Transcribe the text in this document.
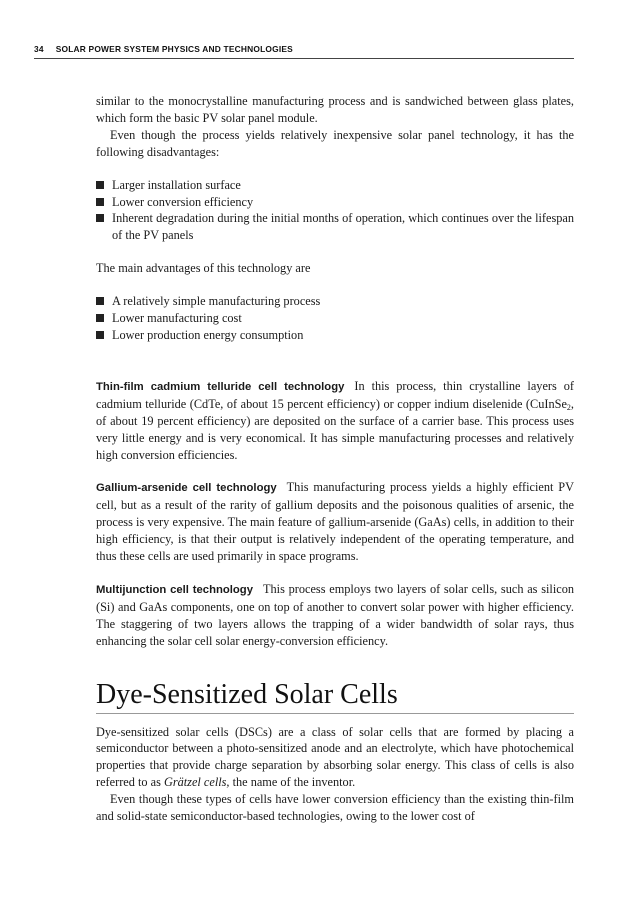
34 SOLAR POWER SYSTEM PHYSICS AND TECHNOLOGIES

similar to the monocrystalline manufacturing process and is sandwiched between glass plates, which form the basic PV solar panel module.

Even though the process yields relatively inexpensive solar panel technology, it has the following disadvantages:

Larger installation surface
Lower conversion efficiency
Inherent degradation during the initial months of operation, which continues over the lifespan of the PV panels

The main advantages of this technology are

A relatively simple manufacturing process
Lower manufacturing cost
Lower production energy consumption

Thin-film cadmium telluride cell technology In this process, thin crystalline layers of cadmium telluride (CdTe, of about 15 percent efficiency) or copper indium diselenide (CuInSe$_2$, of about 19 percent efficiency) are deposited on the surface of a carrier base. This process uses very little energy and is very economical. It has simple manufacturing processes and relatively high conversion efficiencies.

Gallium-arsenide cell technology This manufacturing process yields a highly efficient PV cell, but as a result of the rarity of gallium deposits and the poisonous qualities of arsenic, the process is very expensive. The main feature of gallium-arsenide (GaAs) cells, in addition to their high efficiency, is that their output is relatively independent of the operating temperature, and thus these cells are used primarily in space programs.

Multijunction cell technology This process employs two layers of solar cells, such as silicon (Si) and GaAs components, one on top of another to convert solar power with higher efficiency. The staggering of two layers allows the trapping of a wider bandwidth of solar rays, thus enhancing the solar cell solar energy-conversion efficiency.

Dye-Sensitized Solar Cells

Dye-sensitized solar cells (DSCs) are a class of solar cells that are formed by placing a semiconductor between a photo-sensitized anode and an electrolyte, which have photochemical properties that provide charge separation by absorbing solar energy. This class of cells is also referred to as Grätzel cells, the name of the inventor.

Even though these types of cells have lower conversion efficiency than the existing thin-film and solid-state semiconductor-based technologies, owing to the lower cost of
